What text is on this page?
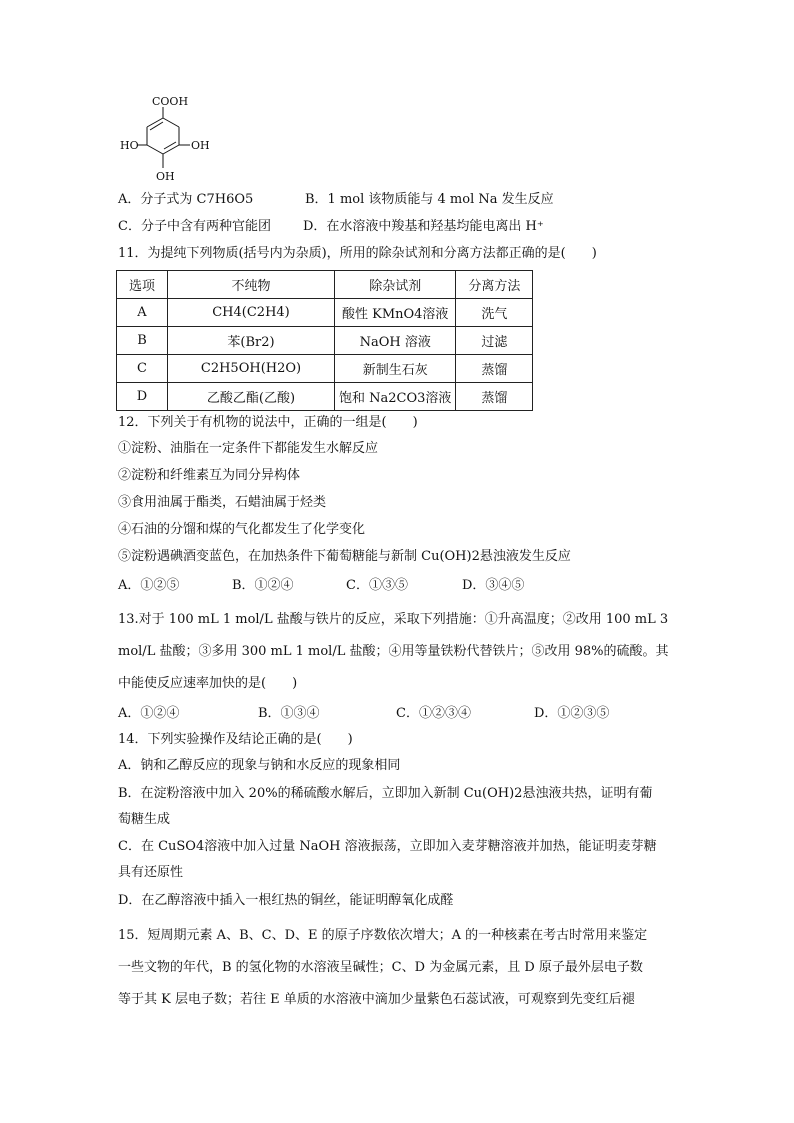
COOH
HO	OH
OH
A．分子式为 C7H6O5	B．1 mol 该物质能与 4 mol Na 发生反应
C．分子中含有两种官能团 D．在水溶液中羧基和羟基均能电离出 H⁺
11．为提纯下列物质(括号内为杂质)，所用的除杂试剂和分离方法都正确的是(　　)
选项	不纯物	除杂试剂	分离方法
A	CH4(C2H4)	酸性 KMnO4溶液	洗气
B	苯(Br2)	NaOH 溶液	过滤
C	C2H5OH(H2O)	新制生石灰	蒸馏
D	乙酸乙酯(乙酸)	饱和 Na2CO3溶液	蒸馏
12．下列关于有机物的说法中，正确的一组是(　　)
①淀粉、油脂在一定条件下都能发生水解反应
②淀粉和纤维素互为同分异构体
③食用油属于酯类，石蜡油属于烃类
④石油的分馏和煤的气化都发生了化学变化
⑤淀粉遇碘酒变蓝色，在加热条件下葡萄糖能与新制 Cu(OH)2悬浊液发生反应
A．①②⑤	B．①②④	C．①③⑤	D．③④⑤
13.对于 100 mL 1 mol/L 盐酸与铁片的反应，采取下列措施：①升高温度；②改用 100 mL 3
mol/L 盐酸；③多用 300 mL 1 mol/L 盐酸；④用等量铁粉代替铁片；⑤改用 98%的硫酸。其
中能使反应速率加快的是(　　)
A．①②④	B．①③④	C．①②③④	D．①②③⑤
14．下列实验操作及结论正确的是(　　)
A．钠和乙醇反应的现象与钠和水反应的现象相同
B．在淀粉溶液中加入 20%的稀硫酸水解后，立即加入新制 Cu(OH)2悬浊液共热，证明有葡
萄糖生成
C．在 CuSO4溶液中加入过量 NaOH 溶液振荡，立即加入麦芽糖溶液并加热，能证明麦芽糖
具有还原性
D．在乙醇溶液中插入一根红热的铜丝，能证明醇氧化成醛
15．短周期元素 A、B、C、D、E 的原子序数依次增大；A 的一种核素在考古时常用来鉴定
一些文物的年代，B 的氢化物的水溶液呈碱性；C、D 为金属元素，且 D 原子最外层电子数
等于其 K 层电子数；若往 E 单质的水溶液中滴加少量紫色石蕊试液，可观察到先变红后褪
